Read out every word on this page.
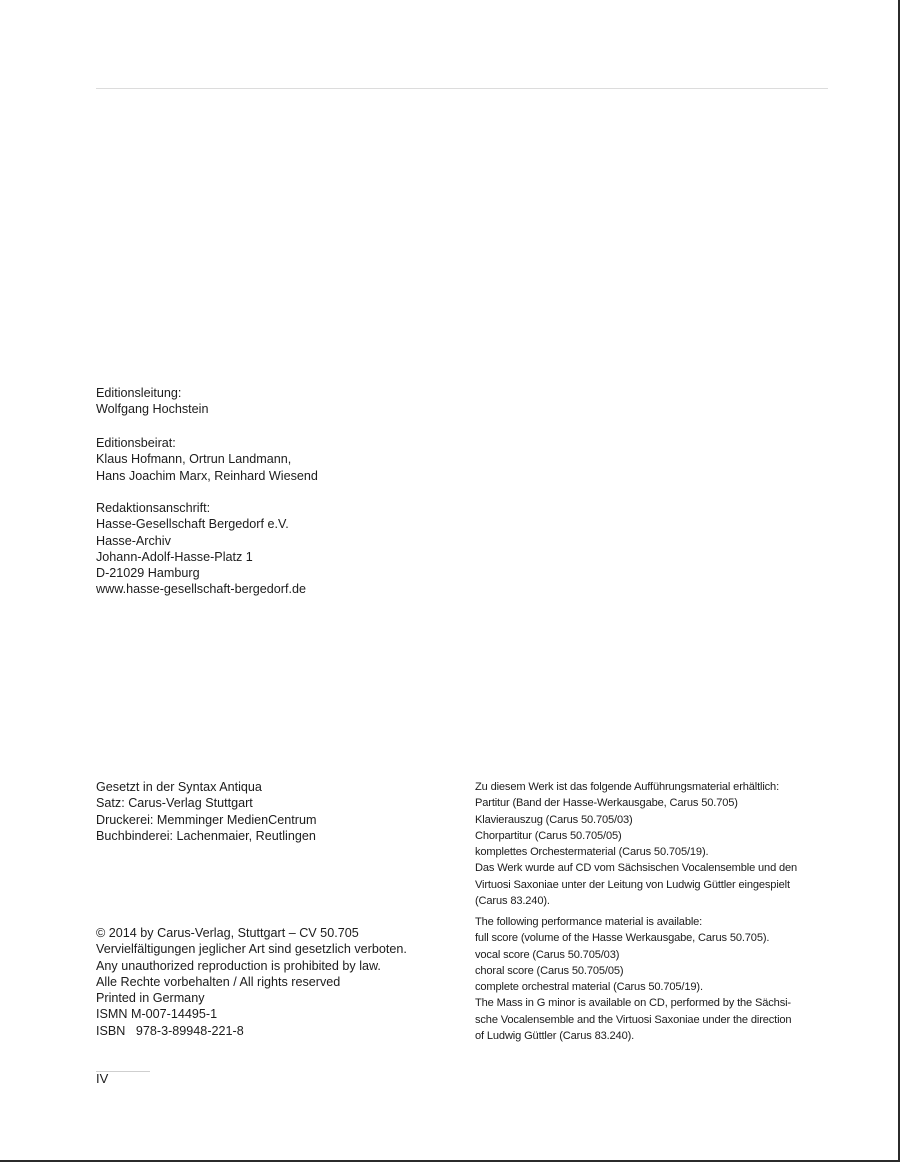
Editionsleitung:
Wolfgang Hochstein
Editionsbeirat:
Klaus Hofmann, Ortrun Landmann,
Hans Joachim Marx, Reinhard Wiesend
Redaktionsanschrift:
Hasse-Gesellschaft Bergedorf e.V.
Hasse-Archiv
Johann-Adolf-Hasse-Platz 1
D-21029 Hamburg
www.hasse-gesellschaft-bergedorf.de
Gesetzt in der Syntax Antiqua
Satz: Carus-Verlag Stuttgart
Druckerei: Memminger MedienCentrum
Buchbinderei: Lachenmaier, Reutlingen
© 2014 by Carus-Verlag, Stuttgart – CV 50.705
Vervielfältigungen jeglicher Art sind gesetzlich verboten.
Any unauthorized reproduction is prohibited by law.
Alle Rechte vorbehalten / All rights reserved
Printed in Germany
ISMN M-007-14495-1
ISBN   978-3-89948-221-8
Zu diesem Werk ist das folgende Aufführungsmaterial erhältlich:
Partitur (Band der Hasse-Werkausgabe, Carus 50.705)
Klavierauszug (Carus 50.705/03)
Chorpartitur (Carus 50.705/05)
komplettes Orchestermaterial (Carus 50.705/19).
Das Werk wurde auf CD vom Sächsischen Vocalensemble und den
Virtuosi Saxoniae unter der Leitung von Ludwig Güttler eingespielt
(Carus 83.240).
The following performance material is available:
full score (volume of the Hasse Werkausgabe, Carus 50.705).
vocal score (Carus 50.705/03)
choral score (Carus 50.705/05)
complete orchestral material (Carus 50.705/19).
The Mass in G minor is available on CD, performed by the Sächsi-
sche Vocalensemble and the Virtuosi Saxoniae under the direction
of Ludwig Güttler (Carus 83.240).
IV
